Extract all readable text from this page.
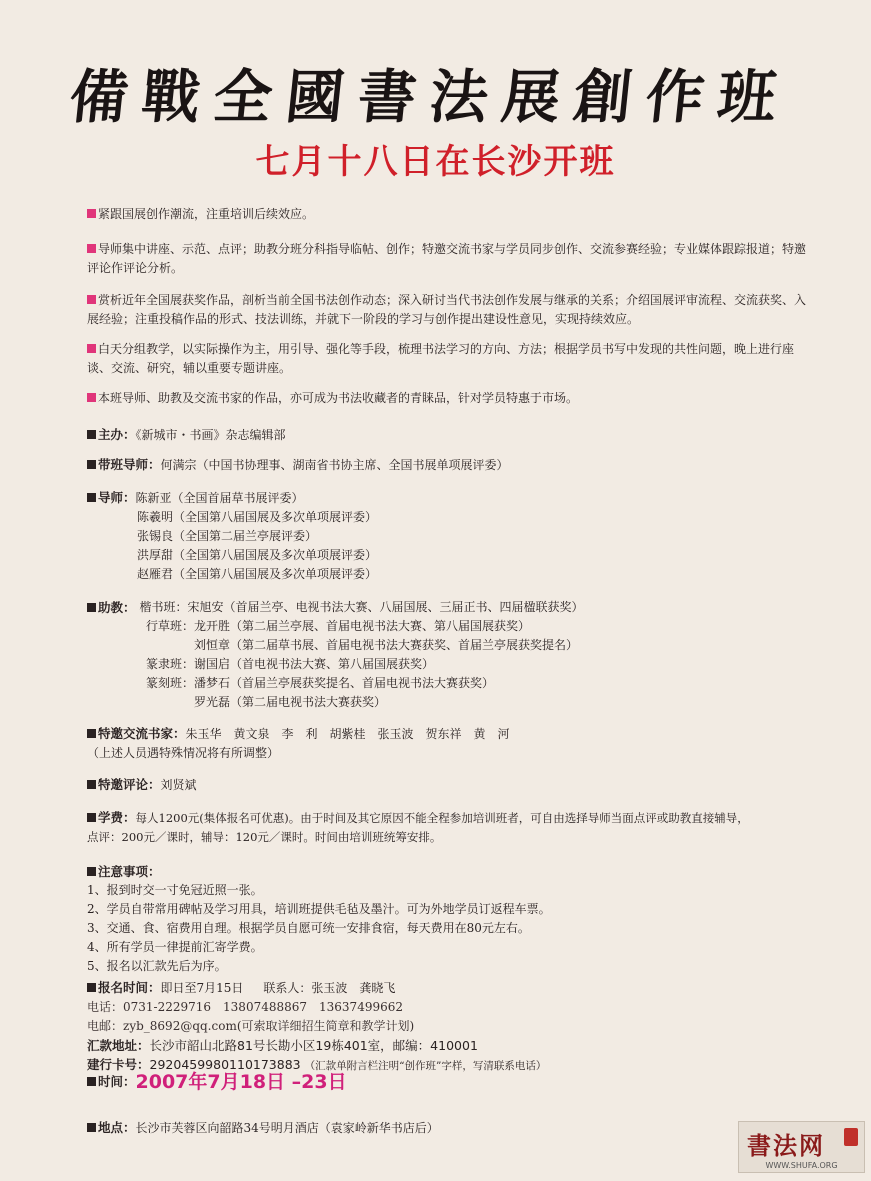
備戰全國書法展創作班
七月十八日在长沙开班
紧跟国展创作潮流，注重培训后续效应。
导师集中讲座、示范、点评；助教分班分科指导临帖、创作；特邀交流书家与学员同步创作、交流参赛经验；专业媒体跟踪报道；特邀评论作评论分析。
赏析近年全国展获奖作品，剖析当前全国书法创作动态；深入研讨当代书法创作发展与继承的关系；介绍国展评审流程、交流获奖、入展经验；注重投稿作品的形式、技法训练，并就下一阶段的学习与创作提出建设性意见，实现持续效应。
白天分组教学，以实际操作为主，用引导、强化等手段，梳理书法学习的方向、方法；根据学员书写中发现的共性问题，晚上进行座谈、交流、研究，辅以重要专题讲座。
本班导师、助教及交流书家的作品，亦可成为书法收藏者的青睐品，针对学员特惠于市场。
主办：《新城市・书画》杂志编辑部
带班导师：何满宗（中国书协理事、湖南省书协主席、全国书展单项展评委）
导师：陈新亚（全国首届草书展评委）
陈羲明（全国第八届国展及多次单项展评委）
张锡良（全国第二届兰亭展评委）
洪厚甜（全国第八届国展及多次单项展评委）
赵雁君（全国第八届国展及多次单项展评委）
助教： 楷书班： 宋旭安（首届兰亭、电视书法大赛、八届国展、三届正书、四届楹联获奖）
行草班： 龙开胜（第二届兰亭展、首届电视书法大赛、第八届国展获奖）
刘恒章（第二届草书展、首届电视书法大赛获奖、首届兰亭展获奖提名）
篆隶班： 谢国启（首电视书法大赛、第八届国展获奖）
篆刻班： 潘梦石（首届兰亭展获奖提名、首届电视书法大赛获奖）
罗光磊（第二届电视书法大赛获奖）
特邀交流书家：朱玉华　黄文泉　李　利　胡紫桂　张玉波　贺东祥　黄　河
（上述人员遇特殊情况将有所调整）
特邀评论：刘贤斌
学费：每人1200元(集体报名可优惠)。由于时间及其它原因不能全程参加培训班者，可自由选择导师当面点评或助教直接辅导，
点评：200元／课时，辅导：120元／课时。时间由培训班统筹安排。
注意事项：
1、报到时交一寸免冠近照一张。
2、学员自带常用碑帖及学习用具，培训班提供毛毡及墨汁。可为外地学员订返程车票。
3、交通、食、宿费用自理。根据学员自愿可统一安排食宿，每天费用在80元左右。
4、所有学员一律提前汇寄学费。
5、报名以汇款先后为序。
报名时间：即日至7月15日 联系人：张玉波　龚晓飞
电话：0731-2229716　13807488867　13637499662
电邮：zyb_8692@qq.com(可索取详细招生简章和教学计划)
汇款地址：长沙市韶山北路81号长勘小区19栋401室，邮编：410001
建行卡号：2920459980110173883 （汇款单附言栏注明“创作班”字样，写清联系电话）
时间：2007年7月18日 –23日
地点：长沙市芙蓉区向韶路34号明月酒店（袁家岭新华书店后）
書法网
WWW.SHUFA.ORG
